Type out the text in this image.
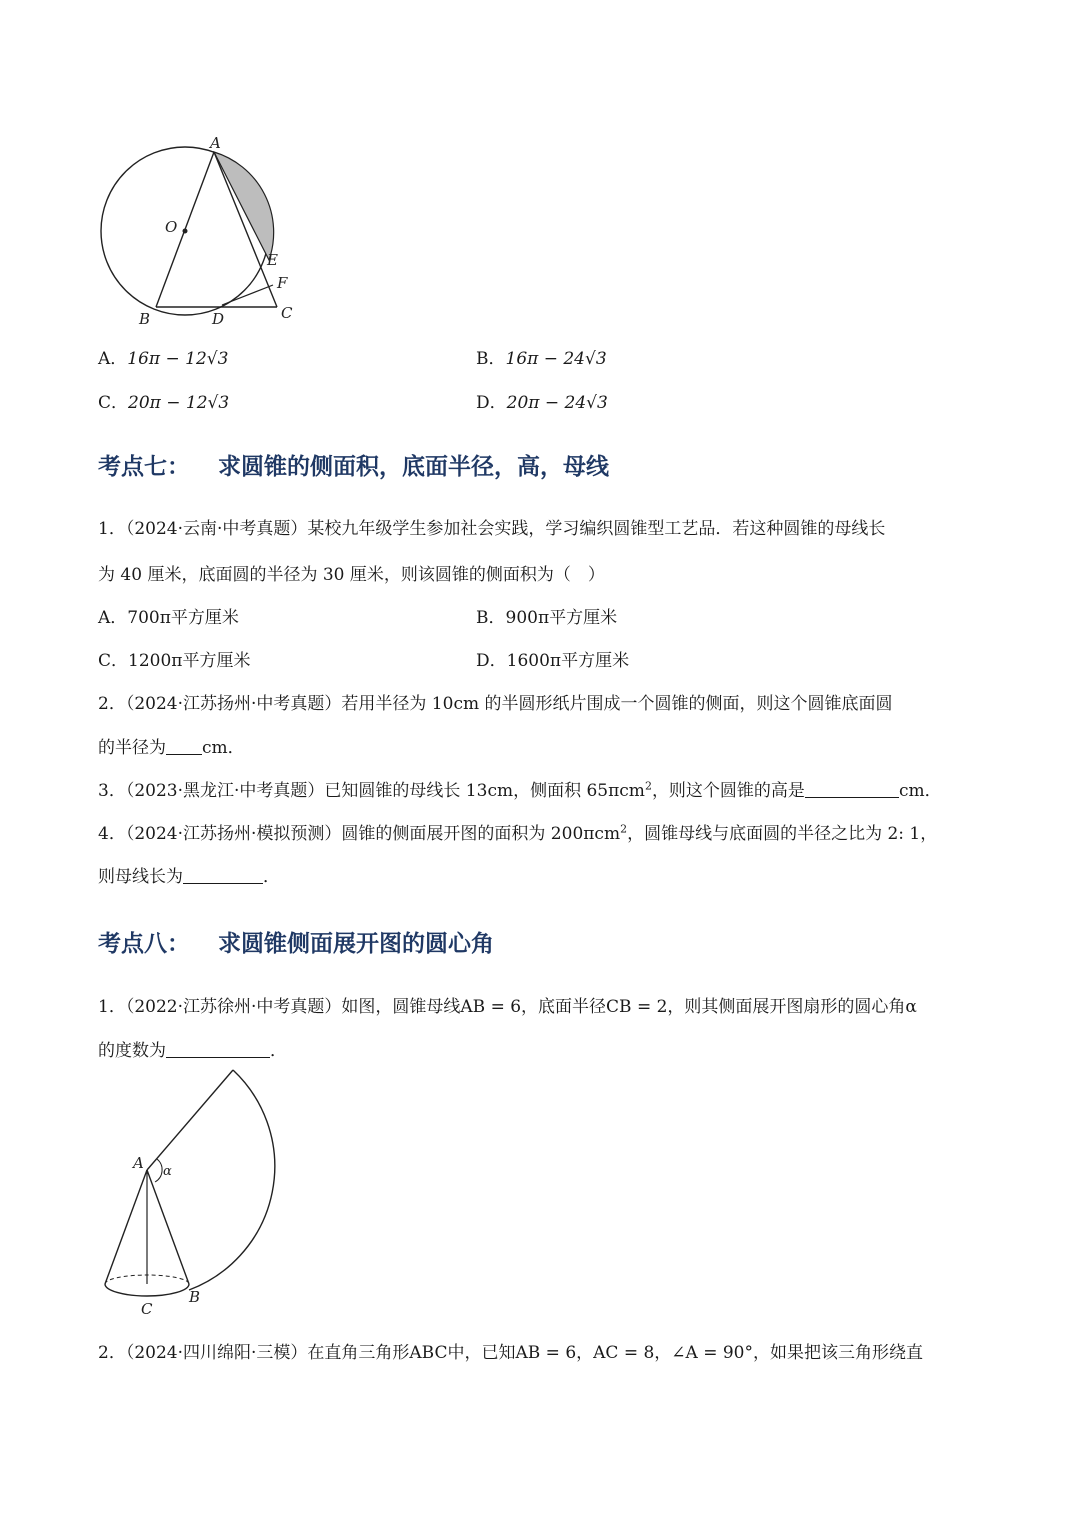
A
O
E
F
B	D	C
A．16π − 12√3	B．16π − 24√3
C．20π − 12√3	D．20π − 24√3
考点七： 求圆锥的侧面积，底面半径，高，母线
1．（2024·云南·中考真题）某校九年级学生参加社会实践，学习编织圆锥型工艺品．若这种圆锥的母线长
为 40 厘米，底面圆的半径为 30 厘米，则该圆锥的侧面积为（　）
A．700π平方厘米	B．900π平方厘米
C．1200π平方厘米	D．1600π平方厘米
2．（2024·江苏扬州·中考真题）若用半径为 10cm 的半圆形纸片围成一个圆锥的侧面，则这个圆锥底面圆
的半径为 cm．
3．（2023·黑龙江·中考真题）已知圆锥的母线长 13cm，侧面积 65πcm$^2$，则这个圆锥的高是	cm．
4．（2024·江苏扬州·模拟预测）圆锥的侧面展开图的面积为 200πcm$^2$，圆锥母线与底面圆的半径之比为 2: 1，
则母线长为	．
考点八： 求圆锥侧面展开图的圆心角
1．（2022·江苏徐州·中考真题）如图，圆锥母线AB = 6，底面半径CB = 2，则其侧面展开图扇形的圆心角α
的度数为	．
A α
C
B
2．（2024·四川绵阳·三模）在直角三角形ABC中，已知AB = 6，AC = 8，∠A = 90°，如果把该三角形绕直
